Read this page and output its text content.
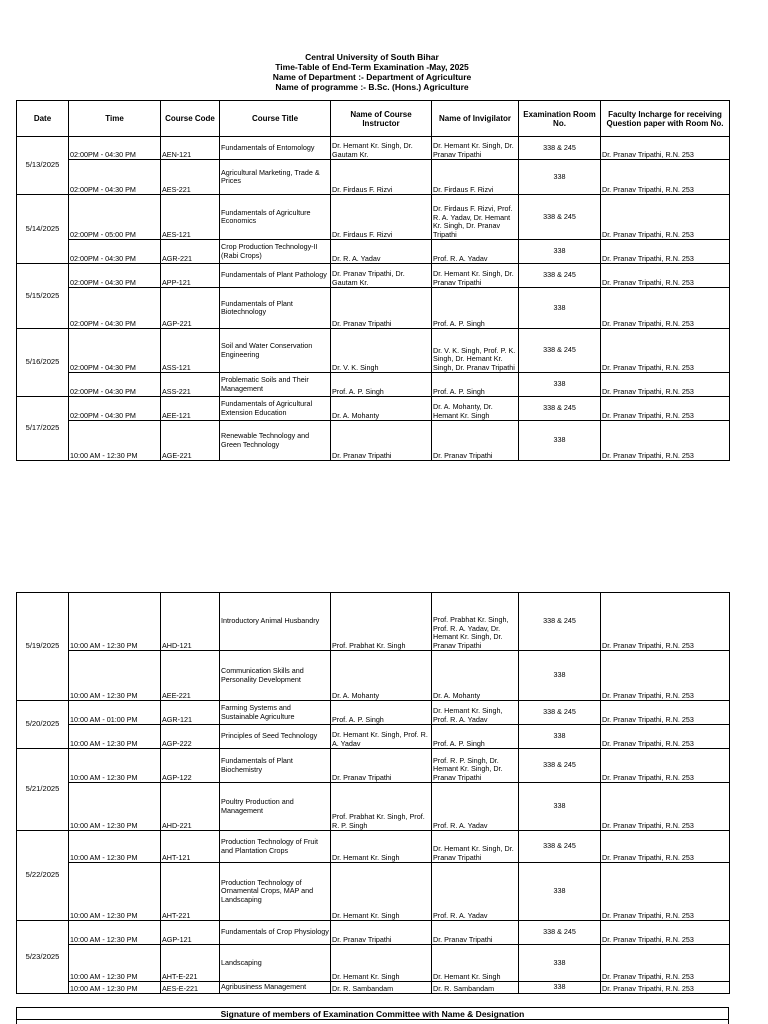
Central University of South Bihar
Time-Table of End-Term Examination -May, 2025
Name of Department :- Department of Agriculture
Name of programme :- B.Sc. (Hons.) Agriculture
Date	Time	Course Code	Course Title	Name of Course Instructor	Name of Invigilator	Examination Room No.	Faculty Incharge for receiving Question paper with Room No.
5/13/2025	02:00PM - 04:30 PM	AEN-121	Fundamentals of Entomology	Dr. Hemant Kr. Singh, Dr. Gautam Kr.	Dr. Hemant Kr. Singh, Dr. Pranav Tripathi	338 & 245	Dr. Pranav Tripathi, R.N. 253
	02:00PM - 04:30 PM	AES-221	Agricultural Marketing, Trade & Prices	Dr. Firdaus F. Rizvi	Dr. Firdaus F. Rizvi	338	Dr. Pranav Tripathi, R.N. 253
5/14/2025	02:00PM - 05:00 PM	AES-121	Fundamentals of Agriculture Economics	Dr. Firdaus F. Rizvi	Dr. Firdaus F. Rizvi, Prof. R. A. Yadav, Dr. Hemant Kr. Singh, Dr. Pranav Tripathi	338 & 245	Dr. Pranav Tripathi, R.N. 253
	02:00PM - 04:30 PM	AGR-221	Crop Production Technology-II (Rabi Crops)	Dr. R. A. Yadav	Prof. R. A. Yadav	338	Dr. Pranav Tripathi, R.N. 253
5/15/2025	02:00PM - 04:30 PM	APP-121	Fundamentals of Plant Pathology	Dr. Pranav Tripathi, Dr. Gautam Kr.	Dr. Hemant Kr. Singh, Dr. Pranav Tripathi	338 & 245	Dr. Pranav Tripathi, R.N. 253
	02:00PM - 04:30 PM	AGP-221	Fundamentals of Plant Biotechnology	Dr. Pranav Tripathi	Prof. A. P. Singh	338	Dr. Pranav Tripathi, R.N. 253
5/16/2025	02:00PM - 04:30 PM	ASS-121	Soil and Water Conservation Engineering	Dr. V. K. Singh	Dr. V. K. Singh, Prof. P. K. Singh, Dr. Hemant Kr. Singh, Dr. Pranav Tripathi	338 & 245	Dr. Pranav Tripathi, R.N. 253
	02:00PM - 04:30 PM	ASS-221	Problematic Soils and Their Management	Prof. A. P. Singh	Prof. A. P. Singh	338	Dr. Pranav Tripathi, R.N. 253
5/17/2025	02:00PM - 04:30 PM	AEE-121	Fundamentals of Agricultural Extension Education	Dr. A. Mohanty	Dr. A. Mohanty, Dr. Hemant Kr. Singh	338 & 245	Dr. Pranav Tripathi, R.N. 253
	10:00 AM - 12:30 PM	AGE-221	Renewable Technology and Green Technology	Dr. Pranav Tripathi	Dr. Pranav Tripathi	338	Dr. Pranav Tripathi, R.N. 253
5/19/2025	10:00 AM - 12:30 PM	AHD-121	Introductory Animal Husbandry	Prof. Prabhat Kr. Singh	Prof. Prabhat Kr. Singh, Prof. R. A. Yadav, Dr. Hemant Kr. Singh, Dr. Pranav Tripathi	338 & 245	Dr. Pranav Tripathi, R.N. 253
	10:00 AM - 12:30 PM	AEE-221	Communication Skills and Personality Development	Dr. A. Mohanty	Dr. A. Mohanty	338	Dr. Pranav Tripathi, R.N. 253
5/20/2025	10:00 AM - 01:00 PM	AGR-121	Farming Systems and Sustainable Agriculture	Prof. A. P. Singh	Dr. Hemant Kr. Singh, Prof. R. A. Yadav	338 & 245	Dr. Pranav Tripathi, R.N. 253
	10:00 AM - 12:30 PM	AGP-222	Principles of Seed Technology	Dr. Hemant Kr. Singh, Prof. R. A. Yadav	Prof. A. P. Singh	338	Dr. Pranav Tripathi, R.N. 253
5/21/2025	10:00 AM - 12:30 PM	AGP-122	Fundamentals of Plant Biochemistry	Dr. Pranav Tripathi	Prof. R. P. Singh, Dr. Hemant Kr. Singh, Dr. Pranav Tripathi	338 & 245	Dr. Pranav Tripathi, R.N. 253
	10:00 AM - 12:30 PM	AHD-221	Poultry Production and Management	Prof. Prabhat Kr. Singh, Prof. R. P. Singh	Prof. R. A. Yadav	338	Dr. Pranav Tripathi, R.N. 253
5/22/2025	10:00 AM - 12:30 PM	AHT-121	Production Technology of Fruit and Plantation Crops	Dr. Hemant Kr. Singh	Dr. Hemant Kr. Singh, Dr. Pranav Tripathi	338 & 245	Dr. Pranav Tripathi, R.N. 253
	10:00 AM - 12:30 PM	AHT-221	Production Technology of Ornamental Crops, MAP and Landscaping	Dr. Hemant Kr. Singh	Prof. R. A. Yadav	338	Dr. Pranav Tripathi, R.N. 253
5/23/2025	10:00 AM - 12:30 PM	AGP-121	Fundamentals of Crop Physiology	Dr. Pranav Tripathi	Dr. Pranav Tripathi	338 & 245	Dr. Pranav Tripathi, R.N. 253
	10:00 AM - 12:30 PM	AHT-E-221	Landscaping	Dr. Hemant Kr. Singh	Dr. Hemant Kr. Singh	338	Dr. Pranav Tripathi, R.N. 253
	10:00 AM - 12:30 PM	AES-E-221	Agribusiness Management	Dr. R. Sambandam	Dr. R. Sambandam	338	Dr. Pranav Tripathi, R.N. 253
Signature of members of Examination Committee with Name & Designation
